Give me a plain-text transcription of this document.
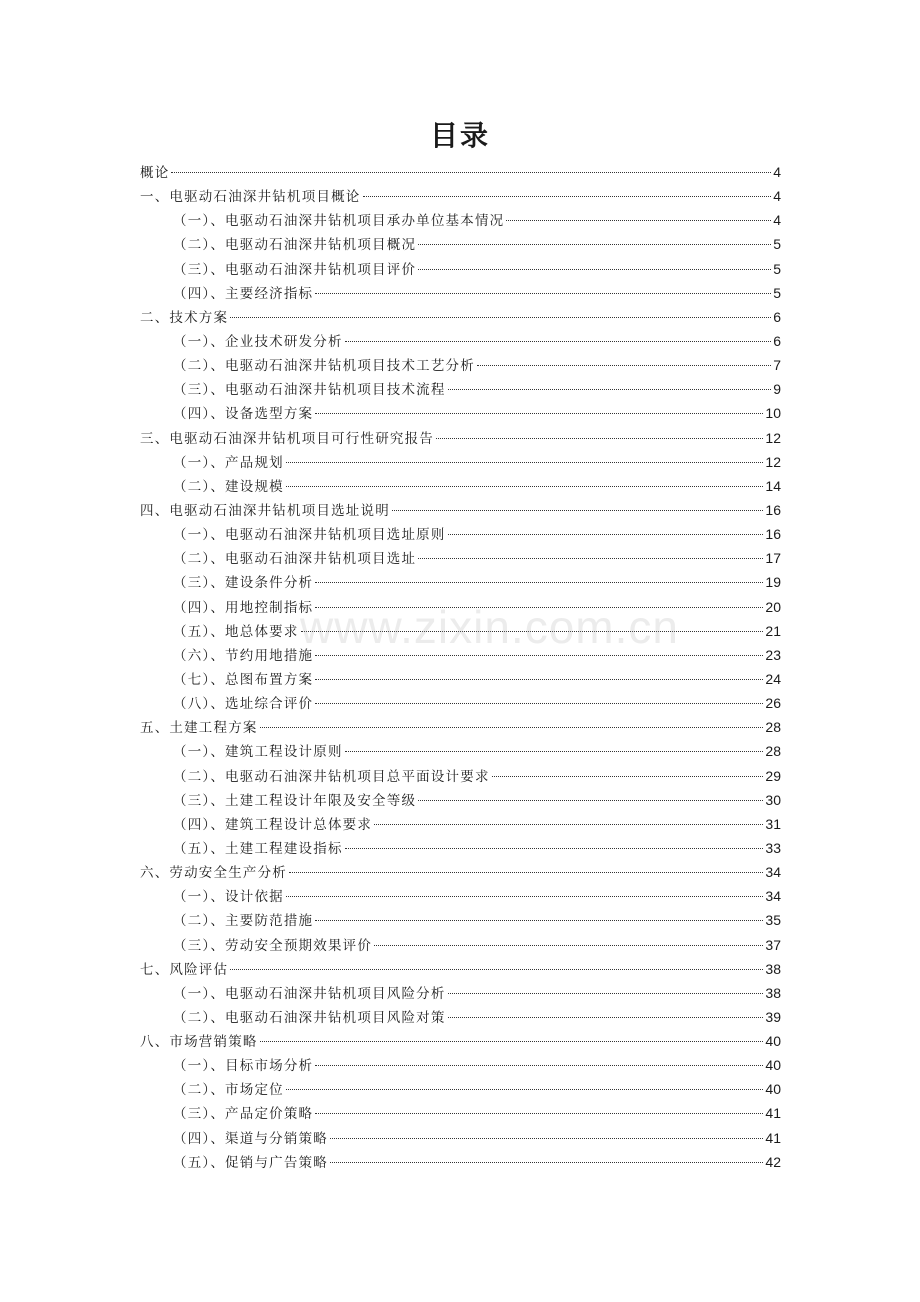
目录
概论	4
一、电驱动石油深井钻机项目概论	4
（一）、电驱动石油深井钻机项目承办单位基本情况	4
（二）、电驱动石油深井钻机项目概况	5
（三）、电驱动石油深井钻机项目评价	5
（四）、主要经济指标	5
二、技术方案	6
（一）、企业技术研发分析	6
（二）、电驱动石油深井钻机项目技术工艺分析	7
（三）、电驱动石油深井钻机项目技术流程	9
（四）、设备选型方案	10
三、电驱动石油深井钻机项目可行性研究报告	12
（一）、产品规划	12
（二）、建设规模	14
四、电驱动石油深井钻机项目选址说明	16
（一）、电驱动石油深井钻机项目选址原则	16
（二）、电驱动石油深井钻机项目选址	17
（三）、建设条件分析	19
（四）、用地控制指标	20
（五）、地总体要求	21
（六）、节约用地措施	23
（七）、总图布置方案	24
（八）、选址综合评价	26
五、土建工程方案	28
（一）、建筑工程设计原则	28
（二）、电驱动石油深井钻机项目总平面设计要求	29
（三）、土建工程设计年限及安全等级	30
（四）、建筑工程设计总体要求	31
（五）、土建工程建设指标	33
六、劳动安全生产分析	34
（一）、设计依据	34
（二）、主要防范措施	35
（三）、劳动安全预期效果评价	37
七、风险评估	38
（一）、电驱动石油深井钻机项目风险分析	38
（二）、电驱动石油深井钻机项目风险对策	39
八、市场营销策略	40
（一）、目标市场分析	40
（二）、市场定位	40
（三）、产品定价策略	41
（四）、渠道与分销策略	41
（五）、促销与广告策略	42
www.zixin.com.cn
